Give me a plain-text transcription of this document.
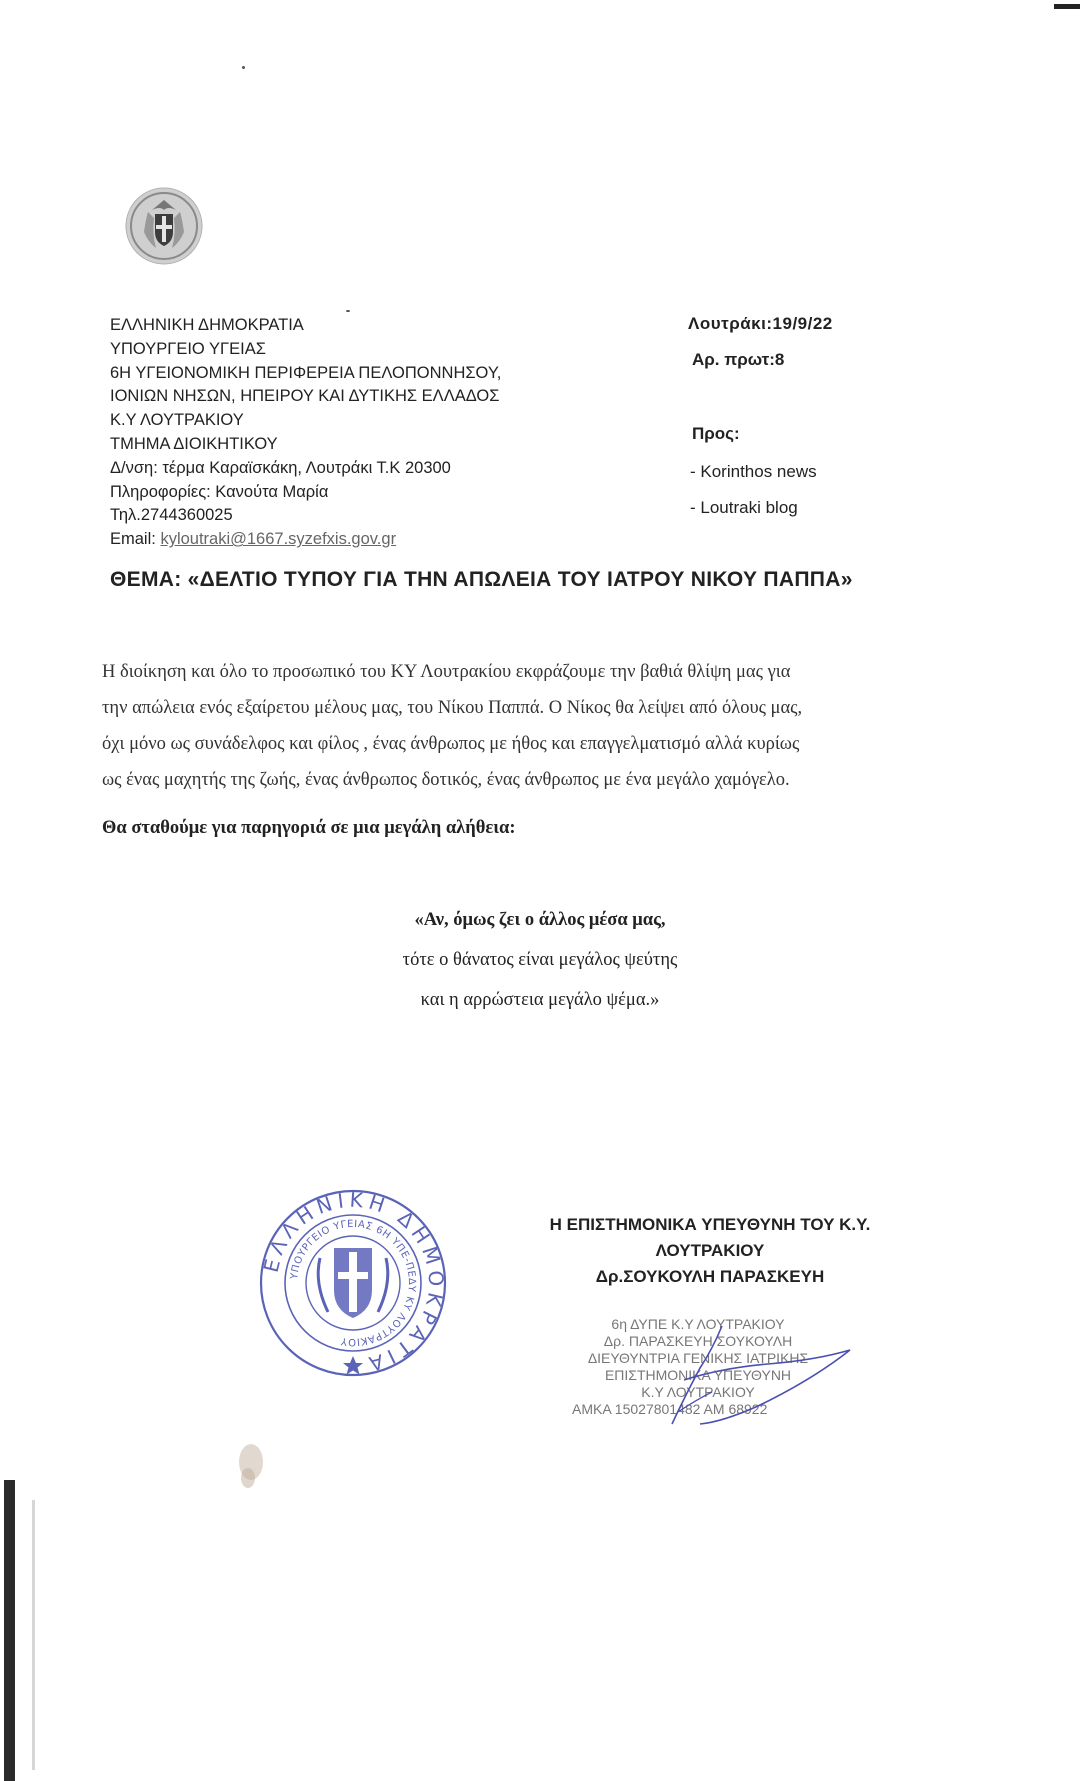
ΕΛΛΗΝΙΚΗ ΔΗΜΟΚΡΑΤΙΑ
ΥΠΟΥΡΓΕΙΟ ΥΓΕΙΑΣ
6Η ΥΓΕΙΟΝΟΜΙΚΗ ΠΕΡΙΦΕΡΕΙΑ ΠΕΛΟΠΟΝΝΗΣΟΥ,
ΙΟΝΙΩΝ ΝΗΣΩΝ, ΗΠΕΙΡΟΥ ΚΑΙ ΔΥΤΙΚΗΣ ΕΛΛΑΔΟΣ
Κ.Υ ΛΟΥΤΡΑΚΙΟΥ
ΤΜΗΜΑ ΔΙΟΙΚΗΤΙΚΟΥ
Δ/νση: τέρμα Καραϊσκάκη, Λουτράκι Τ.Κ 20300
Πληροφορίες: Κανούτα Μαρία
Τηλ.2744360025
Email: kyloutraki@1667.syzefxis.gov.gr
Λουτράκι:19/9/22
Αρ. πρωτ:8
Προς:
- Korinthos news
- Loutraki blog
ΘΕΜΑ: «ΔΕΛΤΙΟ ΤΥΠΟΥ ΓΙΑ ΤΗΝ ΑΠΩΛΕΙΑ ΤΟΥ ΙΑΤΡΟΥ ΝΙΚΟΥ ΠΑΠΠΑ»
Η διοίκηση και όλο το προσωπικό του ΚΥ Λουτρακίου εκφράζουμε την βαθιά θλίψη μας για
την απώλεια ενός εξαίρετου μέλους μας, του Νίκου Παππά. Ο Νίκος θα λείψει από όλους μας,
όχι μόνο ως συνάδελφος και φίλος , ένας άνθρωπος με ήθος και επαγγελματισμό αλλά κυρίως
ως ένας μαχητής της ζωής, ένας άνθρωπος δοτικός, ένας άνθρωπος με ένα μεγάλο χαμόγελο.
Θα σταθούμε για παρηγοριά σε μια μεγάλη αλήθεια:
«Αν, όμως ζει ο άλλος μέσα μας,
τότε ο θάνατος είναι μεγάλος ψεύτης
και η αρρώστεια μεγάλο ψέμα.»
ΕΛΛΗΝΙΚΗ ΔΗΜΟΚΡΑΤΙΑ
ΥΠΟΥΡΓΕΙΟ ΥΓΕΙΑΣ 6Η ΥΠΕ-ΠΕΔΥ ΚΥ ΛΟΥΤΡΑΚΙΟΥ
Η ΕΠΙΣΤΗΜΟΝΙΚΑ ΥΠΕΥΘΥΝΗ ΤΟΥ Κ.Υ.
ΛΟΥΤΡΑΚΙΟΥ
Δρ.ΣΟΥΚΟΥΛΗ ΠΑΡΑΣΚΕΥΗ
6η ΔΥΠΕ Κ.Υ ΛΟΥΤΡΑΚΙΟΥ
Δρ. ΠΑΡΑΣΚΕΥΗ ΣΟΥΚΟΥΛΗ
ΔΙΕΥΘΥΝΤΡΙΑ ΓΕΝΙΚΗΣ ΙΑΤΡΙΚΗΣ
ΕΠΙΣΤΗΜΟΝΙΚΑ ΥΠΕΥΘΥΝΗ
Κ.Υ ΛΟΥΤΡΑΚΙΟΥ
ΑΜΚΑ 15027801482 ΑΜ 68922
